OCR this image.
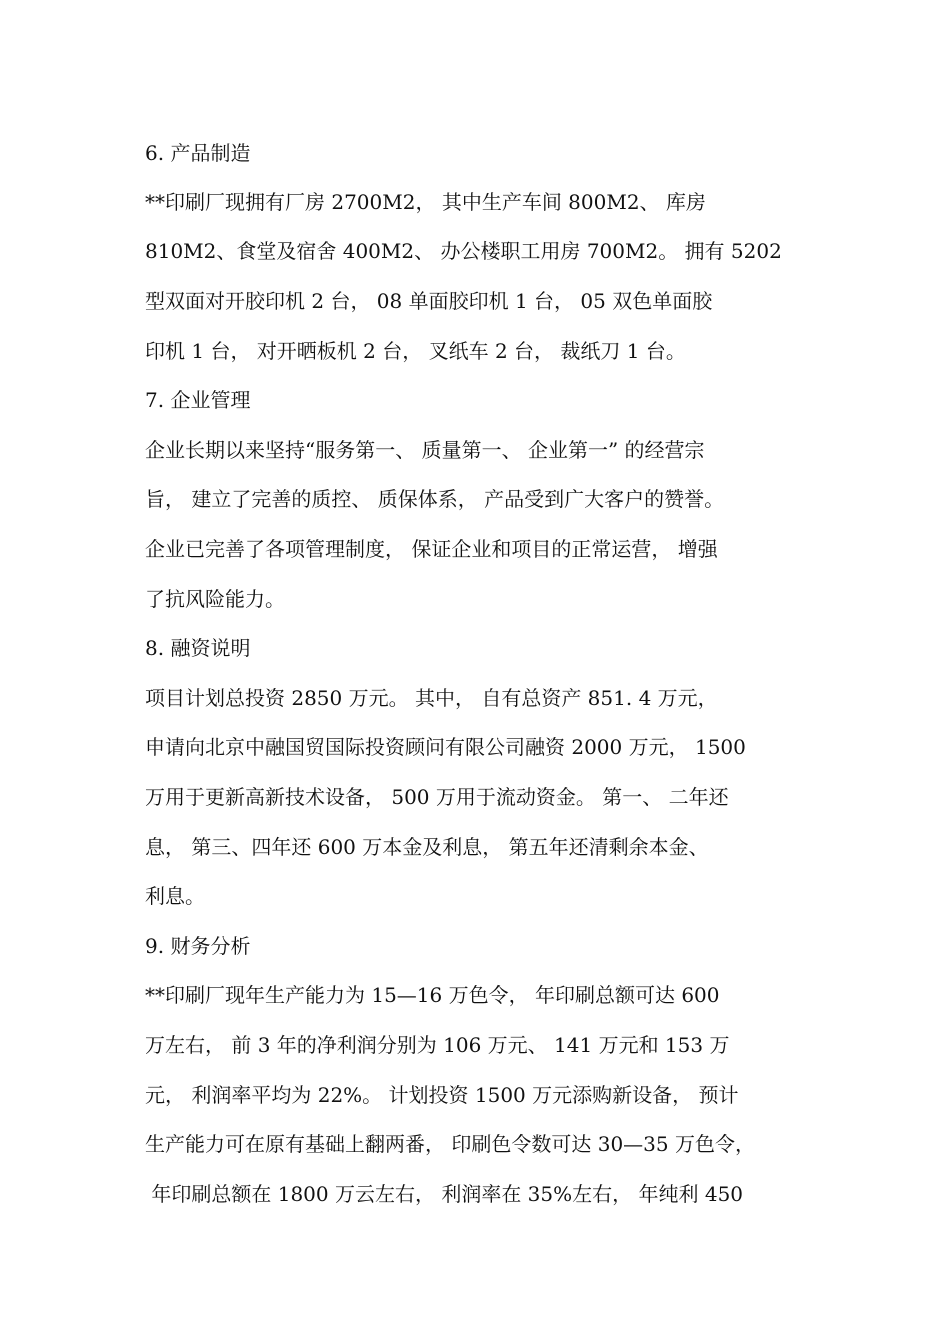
6. 产品制造
**印刷厂现拥有厂房 2700M2， 其中生产车间 800M2、 库房
810M2、食堂及宿舍 400M2、 办公楼职工用房 700M2。 拥有 5202
型双面对开胶印机 2 台， 08 单面胶印机 1 台， 05 双色单面胶
印机 1 台， 对开晒板机 2 台， 叉纸车 2 台， 裁纸刀 1 台。
7. 企业管理
企业长期以来坚持“服务第一、 质量第一、 企业第一” 的经营宗
旨， 建立了完善的质控、 质保体系， 产品受到广大客户的赞誉。
企业已完善了各项管理制度， 保证企业和项目的正常运营， 增强
了抗风险能力。
8. 融资说明
项目计划总投资 2850 万元。 其中， 自有总资产 851. 4 万元，
申请向北京中融国贸国际投资顾问有限公司融资 2000 万元， 1500
万用于更新高新技术设备， 500 万用于流动资金。 第一、 二年还
息， 第三、四年还 600 万本金及利息， 第五年还清剩余本金、
利息。
9. 财务分析
**印刷厂现年生产能力为 15—16 万色令， 年印刷总额可达 600
万左右， 前 3 年的净利润分别为 106 万元、 141 万元和 153 万
元， 利润率平均为 22%。 计划投资 1500 万元添购新设备， 预计
生产能力可在原有基础上翻两番， 印刷色令数可达 30—35 万色令，
年印刷总额在 1800 万云左右， 利润率在 35%左右， 年纯利 450
